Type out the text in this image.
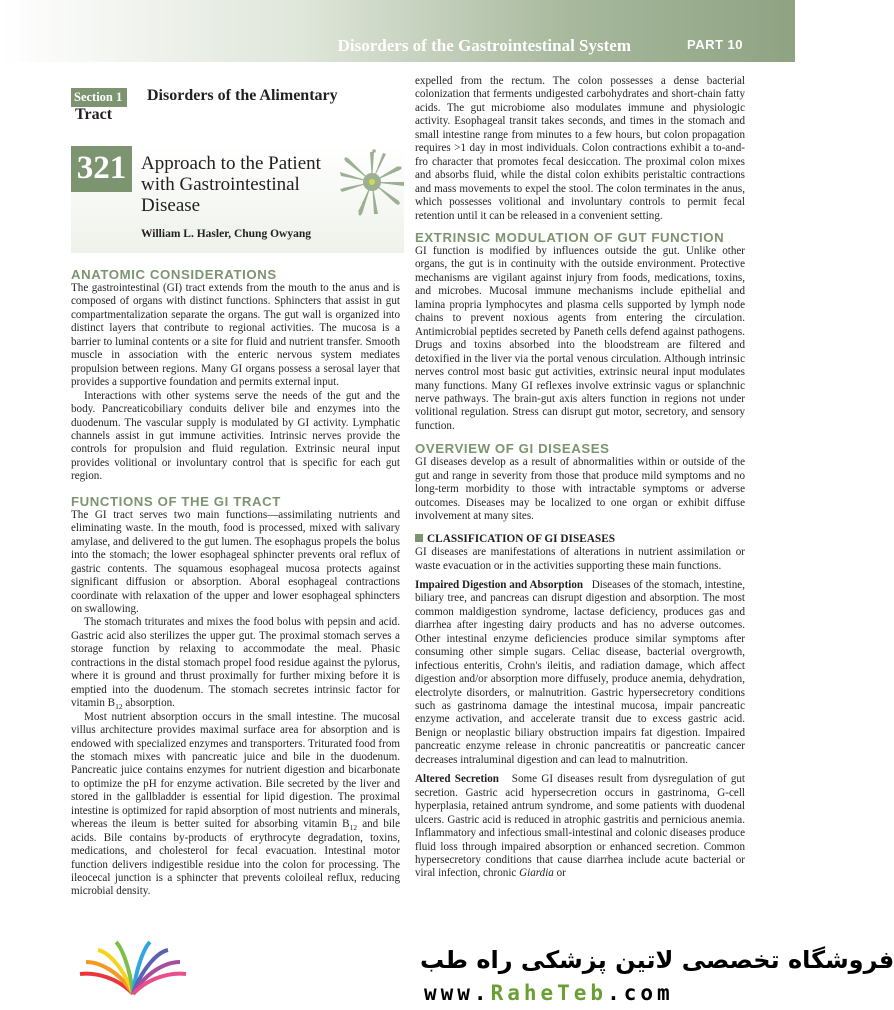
Disorders of the Gastrointestinal System	PART 10
Section 1	Disorders of the Alimentary
Tract
321 Approach to the Patient
with Gastrointestinal
Disease
William L. Hasler, Chung Owyang
ANATOMIC CONSIDERATIONS

The gastrointestinal (GI) tract extends from the mouth to the anus and is composed of organs with distinct functions. Sphincters that assist in gut compartmentalization separate the organs. The gut wall is organized into distinct layers that contribute to regional activities. The mucosa is a barrier to luminal contents or a site for fluid and nutrient transfer. Smooth muscle in association with the enteric nervous system mediates propulsion between regions. Many GI organs possess a serosal layer that provides a supportive foundation and permits external input.

Interactions with other systems serve the needs of the gut and the body. Pancreaticobiliary conduits deliver bile and enzymes into the duodenum. The vascular supply is modulated by GI activity. Lymphatic channels assist in gut immune activities. Intrinsic nerves provide the controls for propulsion and fluid regulation. Extrinsic neural input provides volitional or involuntary control that is specific for each gut region.

FUNCTIONS OF THE GI TRACT

The GI tract serves two main functions—assimilating nutrients and eliminating waste. In the mouth, food is processed, mixed with salivary amylase, and delivered to the gut lumen. The esophagus propels the bolus into the stomach; the lower esophageal sphincter prevents oral reflux of gastric contents. The squamous esophageal mucosa protects against significant diffusion or absorption. Aboral esophageal contractions coordinate with relaxation of the upper and lower esophageal sphincters on swallowing.

The stomach triturates and mixes the food bolus with pepsin and acid. Gastric acid also sterilizes the upper gut. The proximal stomach serves a storage function by relaxing to accommodate the meal. Phasic contractions in the distal stomach propel food residue against the pylorus, where it is ground and thrust proximally for further mixing before it is emptied into the duodenum. The stomach secretes intrinsic factor for vitamin $B_{12}$ absorption.

Most nutrient absorption occurs in the small intestine. The mucosal villus architecture provides maximal surface area for absorption and is endowed with specialized enzymes and transporters. Triturated food from the stomach mixes with pancreatic juice and bile in the duodenum. Pancreatic juice contains enzymes for nutrient digestion and bicarbonate to optimize the pH for enzyme activation. Bile secreted by the liver and stored in the gallbladder is essential for lipid digestion. The proximal intestine is optimized for rapid absorption of most nutrients and minerals, whereas the ileum is better suited for absorbing vitamin $B_{12}$ and bile acids. Bile contains by-products of erythrocyte degradation, toxins, medications, and cholesterol for fecal evacuation. Intestinal motor function delivers indigestible residue into the colon for processing. The ileocecal junction is a sphincter that prevents coloileal reflux, reducing microbial density.

expelled from the rectum. The colon possesses a dense bacterial colonization that ferments undigested carbohydrates and short-chain fatty acids. The gut microbiome also modulates immune and physiologic activity. Esophageal transit takes seconds, and times in the stomach and small intestine range from minutes to a few hours, but colon propagation requires >1 day in most individuals. Colon contractions exhibit a to-and-fro character that promotes fecal desiccation. The proximal colon mixes and absorbs fluid, while the distal colon exhibits peristaltic contractions and mass movements to expel the stool. The colon terminates in the anus, which possesses volitional and involuntary controls to permit fecal retention until it can be released in a convenient setting.

EXTRINSIC MODULATION OF GUT FUNCTION

GI function is modified by influences outside the gut. Unlike other organs, the gut is in continuity with the outside environment. Protective mechanisms are vigilant against injury from foods, medications, toxins, and microbes. Mucosal immune mechanisms include epithelial and lamina propria lymphocytes and plasma cells supported by lymph node chains to prevent noxious agents from entering the circulation. Antimicrobial peptides secreted by Paneth cells defend against pathogens. Drugs and toxins absorbed into the bloodstream are filtered and detoxified in the liver via the portal venous circulation. Although intrinsic nerves control most basic gut activities, extrinsic neural input modulates many functions. Many GI reflexes involve extrinsic vagus or splanchnic nerve pathways. The brain-gut axis alters function in regions not under volitional regulation. Stress can disrupt gut motor, secretory, and sensory function.

OVERVIEW OF GI DISEASES

GI diseases develop as a result of abnormalities within or outside of the gut and range in severity from those that produce mild symptoms and no long-term morbidity to those with intractable symptoms or adverse outcomes. Diseases may be localized to one organ or exhibit diffuse involvement at many sites.

CLASSIFICATION OF GI DISEASES

GI diseases are manifestations of alterations in nutrient assimilation or waste evacuation or in the activities supporting these main functions.

Impaired Digestion and Absorption Diseases of the stomach, intestine, biliary tree, and pancreas can disrupt digestion and absorption. The most common maldigestion syndrome, lactase deficiency, produces gas and diarrhea after ingesting dairy products and has no adverse outcomes. Other intestinal enzyme deficiencies produce similar symptoms after consuming other simple sugars. Celiac disease, bacterial overgrowth, infectious enteritis, Crohn's ileitis, and radiation damage, which affect digestion and/or absorption more diffusely, produce anemia, dehydration, electrolyte disorders, or malnutrition. Gastric hypersecretory conditions such as gastrinoma damage the intestinal mucosa, impair pancreatic enzyme activation, and accelerate transit due to excess gastric acid. Benign or neoplastic biliary obstruction impairs fat digestion. Impaired pancreatic enzyme release in chronic pancreatitis or pancreatic cancer decreases intraluminal digestion and can lead to malnutrition.

Altered Secretion Some GI diseases result from dysregulation of gut secretion. Gastric acid hypersecretion occurs in gastrinoma, G-cell hyperplasia, retained antrum syndrome, and some patients with duodenal ulcers. Gastric acid is reduced in atrophic gastritis and pernicious anemia. Inflammatory and infectious small-intestinal and colonic diseases produce fluid loss through impaired absorption or enhanced secretion. Common hypersecretory conditions that cause diarrhea include acute bacterial or viral infection, chronic Giardia or

فروشگاه تخصصی لاتین پزشکی راه طب
www.RaheTeb.com
